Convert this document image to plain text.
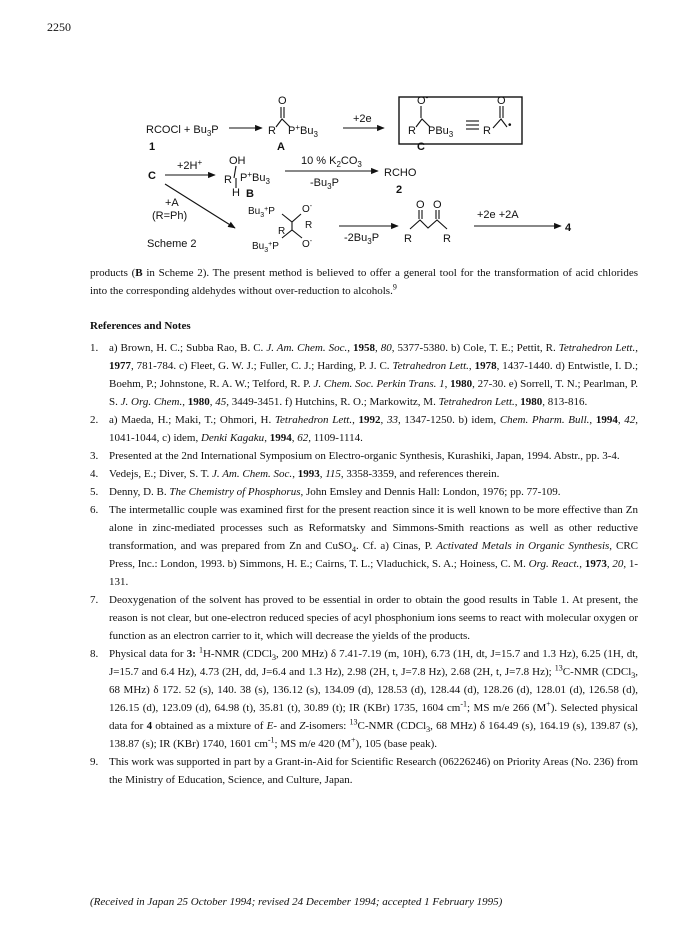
2250
RCOCl + $Bu_3P$
1
+2e
O
R $P^+Bu_3$
A
O-
R PBu$_3$
O
R •
C
C
+2H+ OH
R $P^+Bu_3$
H B
10 % $K_2CO_3$
$-Bu_3P$
RCHO
2
+A
(R=Ph)
Scheme 2
$Bu_3^+P$	O-
R
R
$Bu_3^+P$ O-	$-2Bu_3P$
O O
R	R
+2e +2A
4
products (B in Scheme 2). The present method is believed to offer a general tool for the transformation of acid chlorides into the corresponding aldehydes without over-reduction to alcohols.$^9$
References and Notes
1. a) Brown, H. C.; Subba Rao, B. C. J. Am. Chem. Soc., 1958, 80, 5377-5380. b) Cole, T. E.; Pettit, R. Tetrahedron Lett., 1977, 781-784. c) Fleet, G. W. J.; Fuller, C. J.; Harding, P. J. C. Tetrahedron Lett., 1978, 1437-1440. d) Entwistle, I. D.; Boehm, P.; Johnstone, R. A. W.; Telford, R. P. J. Chem. Soc. Perkin Trans. 1, 1980, 27-30. e) Sorrell, T. N.; Pearlman, P. S. J. Org. Chem., 1980, 45, 3449-3451. f) Hutchins, R. O.; Markowitz, M. Tetrahedron Lett., 1980, 813-816.
2. a) Maeda, H.; Maki, T.; Ohmori, H. Tetrahedron Lett., 1992, 33, 1347-1250. b) idem, Chem. Pharm. Bull., 1994, 42, 1041-1044, c) idem, Denki Kagaku, 1994, 62, 1109-1114.
3. Presented at the 2nd International Symposium on Electro-organic Synthesis, Kurashiki, Japan, 1994. Abstr., pp. 3-4.
4. Vedejs, E.; Diver, S. T. J. Am. Chem. Soc., 1993, 115, 3358-3359, and references therein.
5. Denny, D. B. The Chemistry of Phosphorus, John Emsley and Dennis Hall: London, 1976; pp. 77-109.
6. The intermetallic couple was examined first for the present reaction since it is well known to be more effective than Zn alone in zinc-mediated processes such as Reformatsky and Simmons-Smith reactions as well as other reductive transformation, and was prepared from Zn and CuSO$_4$. Cf. a) Cinas, P. Activated Metals in Organic Synthesis, CRC Press, Inc.: London, 1993. b) Simmons, H. E.; Cairns, T. L.; Vladuchick, S. A.; Hoiness, C. M. Org. React., 1973, 20, 1-131.
7. Deoxygenation of the solvent has proved to be essential in order to obtain the good results in Table 1. At present, the reason is not clear, but one-electron reduced species of acyl phosphonium ions seems to react with molecular oxygen or function as an electron carrier to it, which will decrease the yields of the products.
8. Physical data for 3: $^1$H-NMR (CDCl$_3$, 200 MHz) δ 7.41-7.19 (m, 10H), 6.73 (1H, dt, J=15.7 and 1.3 Hz), 6.25 (1H, dt, J=15.7 and 6.4 Hz), 4.73 (2H, dd, J=6.4 and 1.3 Hz), 2.98 (2H, t, J=7.8 Hz), 2.68 (2H, t, J=7.8 Hz); $^{13}$C-NMR (CDCl$_3$, 68 MHz) δ 172. 52 (s), 140. 38 (s), 136.12 (s), 134.09 (d), 128.53 (d), 128.44 (d), 128.26 (d), 128.01 (d), 126.58 (d), 126.15 (d), 123.09 (d), 64.98 (t), 35.81 (t), 30.89 (t); IR (KBr) 1735, 1604 $cm^{-1}$; MS m/e 266 (M+). Selected physical data for 4 obtained as a mixture of E- and Z-isomers: $^{13}$C-NMR (CDCl$_3$, 68 MHz) δ 164.49 (s), 164.19 (s), 139.87 (s), 138.87 (s); IR (KBr) 1740, 1601 $cm^{-1}$; MS m/e 420 (M+), 105 (base peak).
9. This work was supported in part by a Grant-in-Aid for Scientific Research (06226246) on Priority Areas (No. 236) from the Ministry of Education, Science, and Culture, Japan.
(Received in Japan 25 October 1994; revised 24 December 1994; accepted 1 February 1995)
